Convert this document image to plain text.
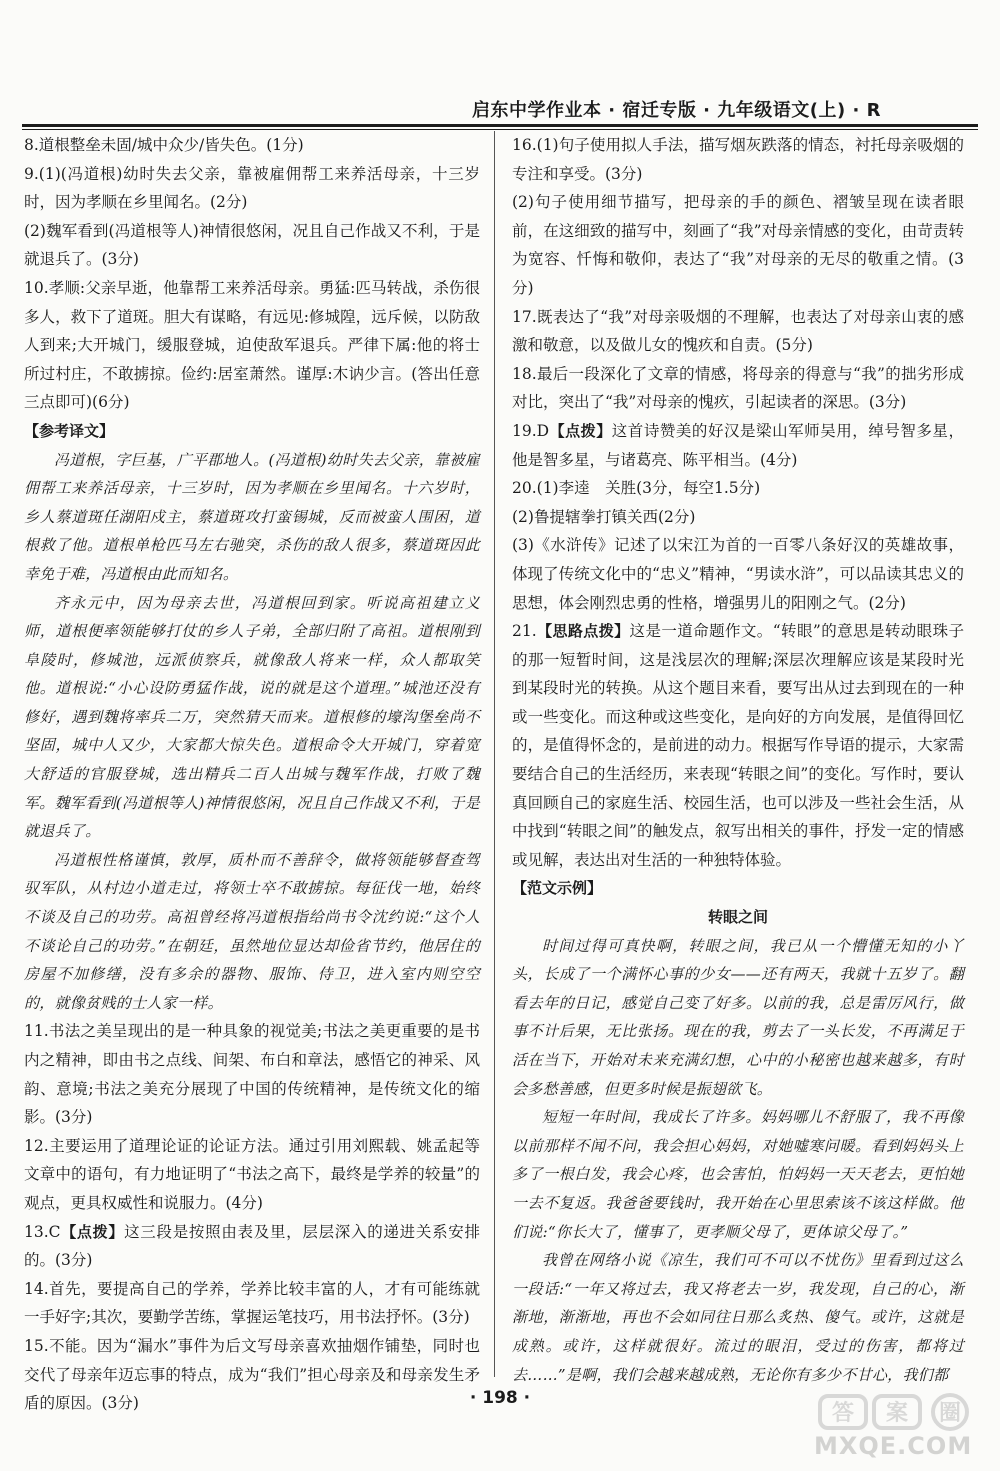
启东中学作业本 · 宿迁专版 · 九年级语文(上) · R
8.道根整垒未固/城中众少/皆失色。(1分)
9.(1)(冯道根)幼时失去父亲，靠被雇佣帮工来养活母亲，十三岁时，因为孝顺在乡里闻名。(2分)
(2)魏军看到(冯道根等人)神情很悠闲，况且自己作战又不利，于是就退兵了。(3分)
10.孝顺:父亲早逝，他靠帮工来养活母亲。勇猛:匹马转战，杀伤很多人，救下了道斑。胆大有谋略，有远见:修城隍，远斥候，以防敌人到来;大开城门，缓服登城，迫使敌军退兵。严律下属:他的将士所过村庄，不敢掳掠。俭约:居室萧然。谨厚:木讷少言。(答出任意三点即可)(6分)
【参考译文】
冯道根，字巨基，广平郡地人。(冯道根)幼时失去父亲，靠被雇佣帮工来养活母亲，十三岁时，因为孝顺在乡里闻名。十六岁时，乡人蔡道斑任湖阳戍主，蔡道斑攻打蛮锡城，反而被蛮人围困，道根救了他。道根单枪匹马左右驰突，杀伤的敌人很多，蔡道斑因此幸免于难，冯道根由此而知名。
齐永元中，因为母亲去世，冯道根回到家。听说高祖建立义师，道根便率领能够打仗的乡人子弟，全部归附了高祖。道根刚到阜陵时，修城池，远派侦察兵，就像敌人将来一样，众人都取笑他。道根说:“小心设防勇猛作战，说的就是这个道理。”城池还没有修好，遇到魏将率兵二万，突然猜天而来。道根修的壕沟堡垒尚不坚固，城中人又少，大家都大惊失色。道根命令大开城门，穿着宽大舒适的官服登城，选出精兵二百人出城与魏军作战，打败了魏军。魏军看到(冯道根等人)神情很悠闲，况且自己作战又不利，于是就退兵了。
冯道根性格谨慎，敦厚，质朴而不善辞令，做将领能够督查驾驭军队，从村边小道走过，将领士卒不敢掳掠。每征伐一地，始终不谈及自己的功劳。高祖曾经将冯道根指给尚书令沈约说:“这个人不谈论自己的功劳。”在朝廷，虽然地位显达却俭省节约，他居住的房屋不加修缮，没有多余的器物、服饰、侍卫，进入室内则空空的，就像贫贱的士人家一样。
11.书法之美呈现出的是一种具象的视觉美;书法之美更重要的是书内之精神，即由书之点线、间架、布白和章法，感悟它的神采、风韵、意境;书法之美充分展现了中国的传统精神，是传统文化的缩影。(3分)
12.主要运用了道理论证的论证方法。通过引用刘熙载、姚孟起等文章中的语句，有力地证明了“书法之高下，最终是学养的较量”的观点，更具权威性和说服力。(4分)
13.C【点拨】这三段是按照由表及里，层层深入的递进关系安排的。(3分)
14.首先，要提高自己的学养，学养比较丰富的人，才有可能练就一手好字;其次，要勤学苦练，掌握运笔技巧，用书法抒怀。(3分)
15.不能。因为“漏水”事件为后文写母亲喜欢抽烟作铺垫，同时也交代了母亲年迈忘事的特点，成为“我们”担心母亲及和母亲发生矛盾的原因。(3分)
16.(1)句子使用拟人手法，描写烟灰跌落的情态，衬托母亲吸烟的专注和享受。(3分)
(2)句子使用细节描写，把母亲的手的颜色、褶皱呈现在读者眼前，在这细致的描写中，刻画了“我”对母亲情感的变化，由苛责转为宽容、忏悔和敬仰，表达了“我”对母亲的无尽的敬重之情。(3分)
17.既表达了“我”对母亲吸烟的不理解，也表达了对母亲山衷的感激和敬意，以及做儿女的愧疚和自责。(5分)
18.最后一段深化了文章的情感，将母亲的得意与“我”的拙劣形成对比，突出了“我”对母亲的愧疚，引起读者的深思。(3分)
19.D【点拨】这首诗赞美的好汉是梁山军师吴用，绰号智多星，他是智多星，与诸葛亮、陈平相当。(4分)
20.(1)李逵　关胜(3分，每空1.5分)
(2)鲁提辖拳打镇关西(2分)
(3)《水浒传》记述了以宋江为首的一百零八条好汉的英雄故事，体现了传统文化中的“忠义”精神，“男读水浒”，可以品读其忠义的思想，体会刚烈忠勇的性格，增强男儿的阳刚之气。(2分)
21.【思路点拨】这是一道命题作文。“转眼”的意思是转动眼珠子的那一短暂时间，这是浅层次的理解;深层次理解应该是某段时光到某段时光的转换。从这个题目来看，要写出从过去到现在的一种或一些变化。而这种或这些变化，是向好的方向发展，是值得回忆的，是值得怀念的，是前进的动力。根据写作导语的提示，大家需要结合自己的生活经历，来表现“转眼之间”的变化。写作时，要认真回顾自己的家庭生活、校园生活，也可以涉及一些社会生活，从中找到“转眼之间”的触发点，叙写出相关的事件，抒发一定的情感或见解，表达出对生活的一种独特体验。
【范文示例】
转眼之间
时间过得可真快啊，转眼之间，我已从一个懵懂无知的小丫头，长成了一个满怀心事的少女——还有两天，我就十五岁了。翻看去年的日记，感觉自己变了好多。以前的我，总是雷厉风行，做事不计后果，无比张扬。现在的我，剪去了一头长发，不再满足于活在当下，开始对未来充满幻想，心中的小秘密也越来越多，有时会多愁善感，但更多时候是振翅欲飞。
短短一年时间，我成长了许多。妈妈哪儿不舒服了，我不再像以前那样不闻不问，我会担心妈妈，对她嘘寒问暖。看到妈妈头上多了一根白发，我会心疼，也会害怕，怕妈妈一天天老去，更怕她一去不复返。我爸爸要钱时，我开始在心里思索该不该这样做。他们说:“你长大了，懂事了，更孝顺父母了，更体谅父母了。”
我曾在网络小说《凉生，我们可不可以不忧伤》里看到过这么一段话:“一年又将过去，我又将老去一岁，我发现，自己的心，渐渐地，渐渐地，再也不会如同往日那么炙热、傻气。或许，这就是成熟。或许，这样就很好。流过的眼泪，受过的伤害，都将过去……”是啊，我们会越来越成熟，无论你有多少不甘心，我们都
· 198 ·
答 案 圈
MXQE.COM
